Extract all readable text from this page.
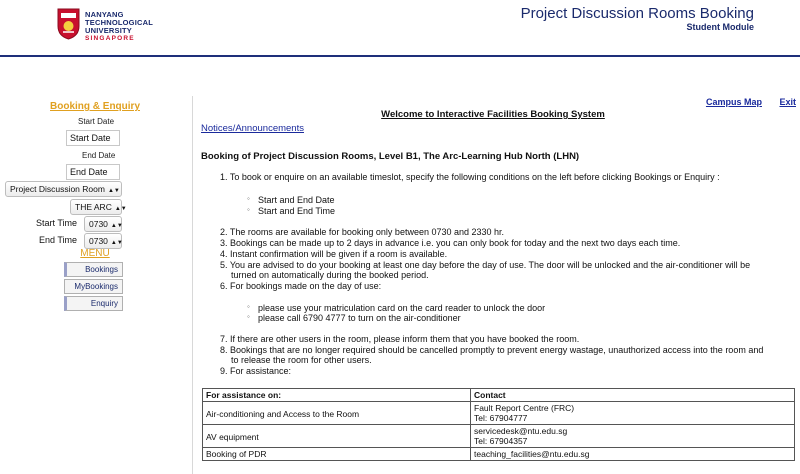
NANYANG
TECHNOLOGICAL
UNIVERSITY
SINGAPORE
Project Discussion Rooms Booking
Student Module
Booking & Enquiry
Start Date
Start Date
End Date
End Date
Project Discussion Room ▲▼
THE ARC ▲▼
Start Time	0730 ▲▼
End Time	0730 ▲▼
MENU
Bookings
MyBookings
Enquiry
Campus Map Exit
Welcome to Interactive Facilities Booking System
Notices/Announcements
Booking of Project Discussion Rooms, Level B1, The Arc-Learning Hub North (LHN)
1. To book or enquire on an available timeslot, specify the following conditions on the left before clicking Bookings or Enquiry :
◦ Start and End Date
◦ Start and End Time
2. The rooms are available for booking only between 0730 and 2330 hr.
3. Bookings can be made up to 2 days in advance i.e. you can only book for today and the next two days each time.
4. Instant confirmation will be given if a room is available.
5. You are advised to do your booking at least one day before the day of use. The door will be unlocked and the air-conditioner will be
turned on automatically during the booked period.
6. For bookings made on the day of use:
◦ please use your matriculation card on the card reader to unlock the door
◦ please call 6790 4777 to turn on the air-conditioner
7. If there are other users in the room, please inform them that you have booked the room.
8. Bookings that are no longer required should be cancelled promptly to prevent energy wastage, unauthorized access into the room and
to release the room for other users.
9. For assistance:
For assistance on:	Contact
Air-conditioning and Access to the Room	Fault Report Centre (FRC)
Tel: 67904777

AV equipment	servicedesk@ntu.edu.sg
Tel: 67904357

Booking of PDR	teaching_facilities@ntu.edu.sg
